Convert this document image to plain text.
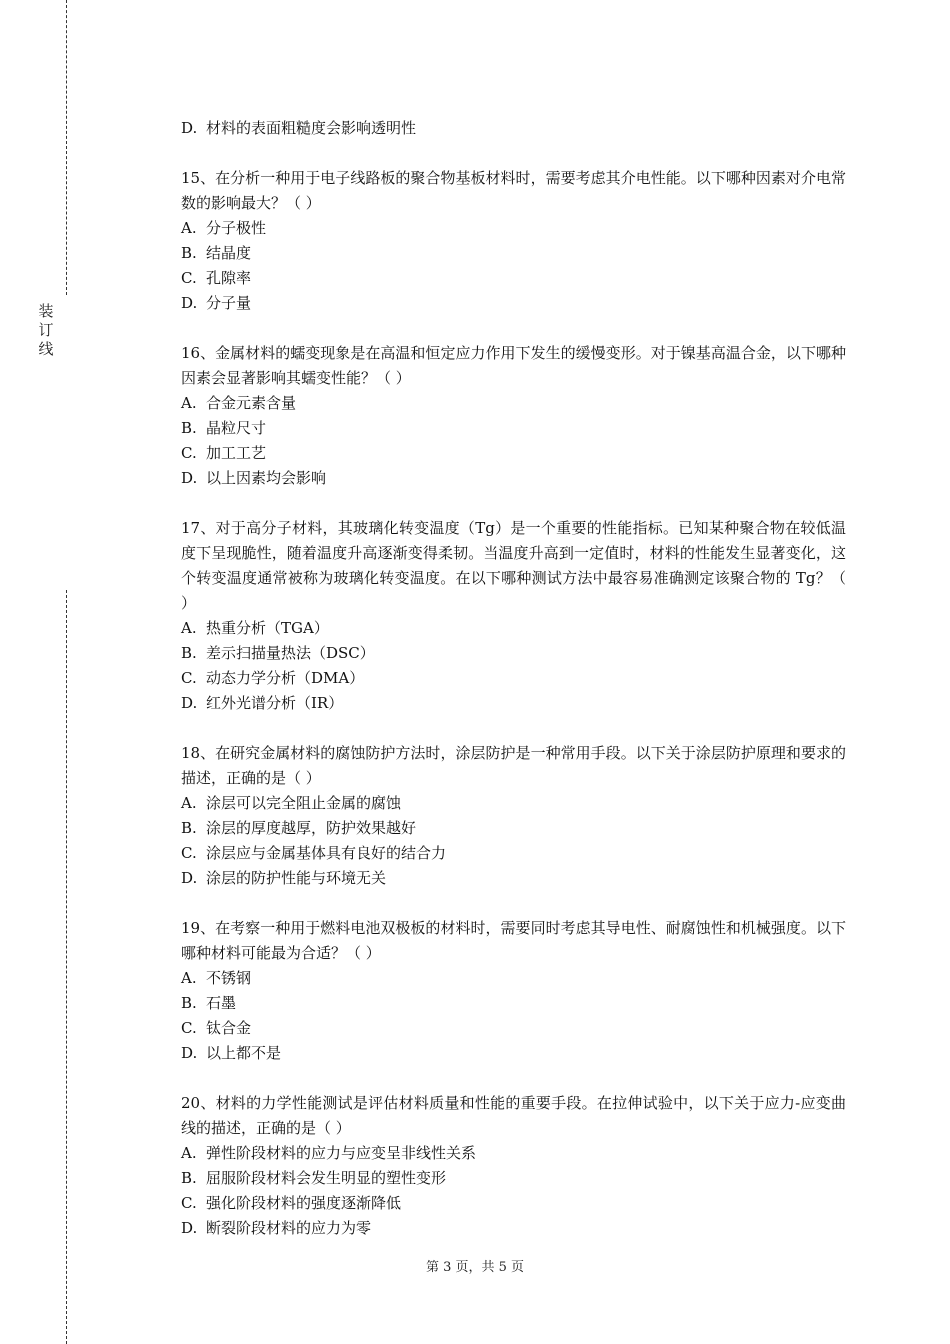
装
订
线
D. 材料的表面粗糙度会影响透明性
15、在分析一种用于电子线路板的聚合物基板材料时，需要考虑其介电性能。以下哪种因素对介电常数的影响最大？（ ）
A. 分子极性
B. 结晶度
C. 孔隙率
D. 分子量
16、金属材料的蠕变现象是在高温和恒定应力作用下发生的缓慢变形。对于镍基高温合金，以下哪种因素会显著影响其蠕变性能？（ ）
A. 合金元素含量
B. 晶粒尺寸
C. 加工工艺
D. 以上因素均会影响
17、对于高分子材料，其玻璃化转变温度（Tg）是一个重要的性能指标。已知某种聚合物在较低温度下呈现脆性，随着温度升高逐渐变得柔韧。当温度升高到一定值时，材料的性能发生显著变化，这个转变温度通常被称为玻璃化转变温度。在以下哪种测试方法中最容易准确测定该聚合物的 Tg？（ ）
A. 热重分析（TGA）
B. 差示扫描量热法（DSC）
C. 动态力学分析（DMA）
D. 红外光谱分析（IR）
18、在研究金属材料的腐蚀防护方法时，涂层防护是一种常用手段。以下关于涂层防护原理和要求的描述，正确的是（ ）
A. 涂层可以完全阻止金属的腐蚀
B. 涂层的厚度越厚，防护效果越好
C. 涂层应与金属基体具有良好的结合力
D. 涂层的防护性能与环境无关
19、在考察一种用于燃料电池双极板的材料时，需要同时考虑其导电性、耐腐蚀性和机械强度。以下哪种材料可能最为合适？（ ）
A. 不锈钢
B. 石墨
C. 钛合金
D. 以上都不是
20、材料的力学性能测试是评估材料质量和性能的重要手段。在拉伸试验中，以下关于应力-应变曲线的描述，正确的是（ ）
A. 弹性阶段材料的应力与应变呈非线性关系
B. 屈服阶段材料会发生明显的塑性变形
C. 强化阶段材料的强度逐渐降低
D. 断裂阶段材料的应力为零
第 3 页，共 5 页
